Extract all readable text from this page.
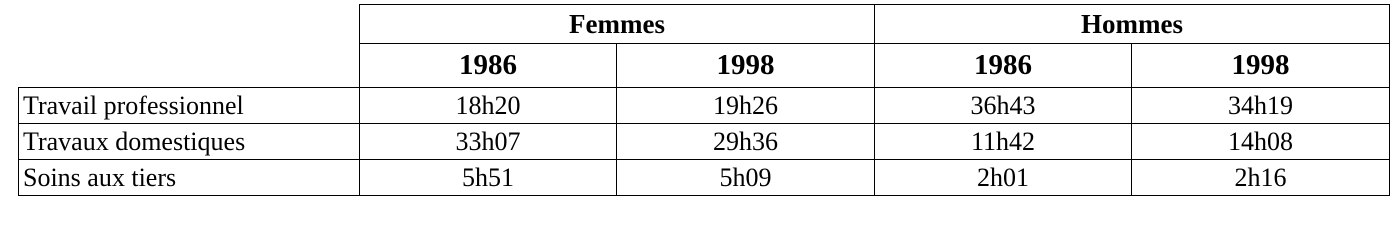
	Femmes		Hommes	
	1986	1998	1986	1998
Travail professionnel	18h20	19h26	36h43	34h19
Travaux domestiques	33h07	29h36	11h42	14h08
Soins aux tiers	5h51	5h09	2h01	2h16
